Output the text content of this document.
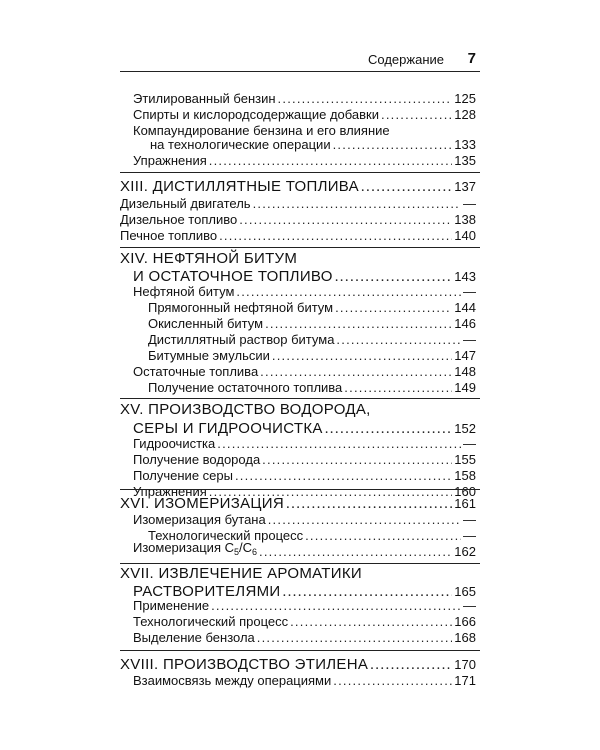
Содержание 7
Этилированный бензин . . .	125
Спирты и кислородсодержащие добавки . . .	128
Компаундирование бензина и его влияние
на технологические операции . . .	133
Упражнения . . .	135
XIII. ДИСТИЛЛЯТНЫЕ ТОПЛИВА . . .	137
Дизельный двигатель . . .	—
Дизельное топливо . . .	138
Печное топливо . . .	140
XIV. НЕФТЯНОЙ БИТУМ
И ОСТАТОЧНОЕ ТОПЛИВО . . .	143
Нефтяной битум . . .	—
Прямогонный нефтяной битум . . .	144
Окисленный битум . . .	146
Дистиллятный раствор битума . . .	—
Битумные эмульсии . . .	147
Остаточные топлива . . .	148
Получение остаточного топлива . . .	149
XV. ПРОИЗВОДСТВО ВОДОРОДА,
СЕРЫ И ГИДРООЧИСТКА . . .	152
Гидроочистка . . .	—
Получение водорода . . .	155
Получение серы . . .	158
Упражнения . . .	160
XVI. ИЗОМЕРИЗАЦИЯ . . .	161
Изомеризация бутана . . .	—
Технологический процесс . . .	—
Изомеризация $C_5/C_6$ . . .	162
XVII. ИЗВЛЕЧЕНИЕ АРОМАТИКИ
РАСТВОРИТЕЛЯМИ . . .	165
Применение . . .	—
Технологический процесс . . .	166
Выделение бензола . . .	168
XVIII. ПРОИЗВОДСТВО ЭТИЛЕНА . . .	170
Взаимосвязь между операциями . . .	171
